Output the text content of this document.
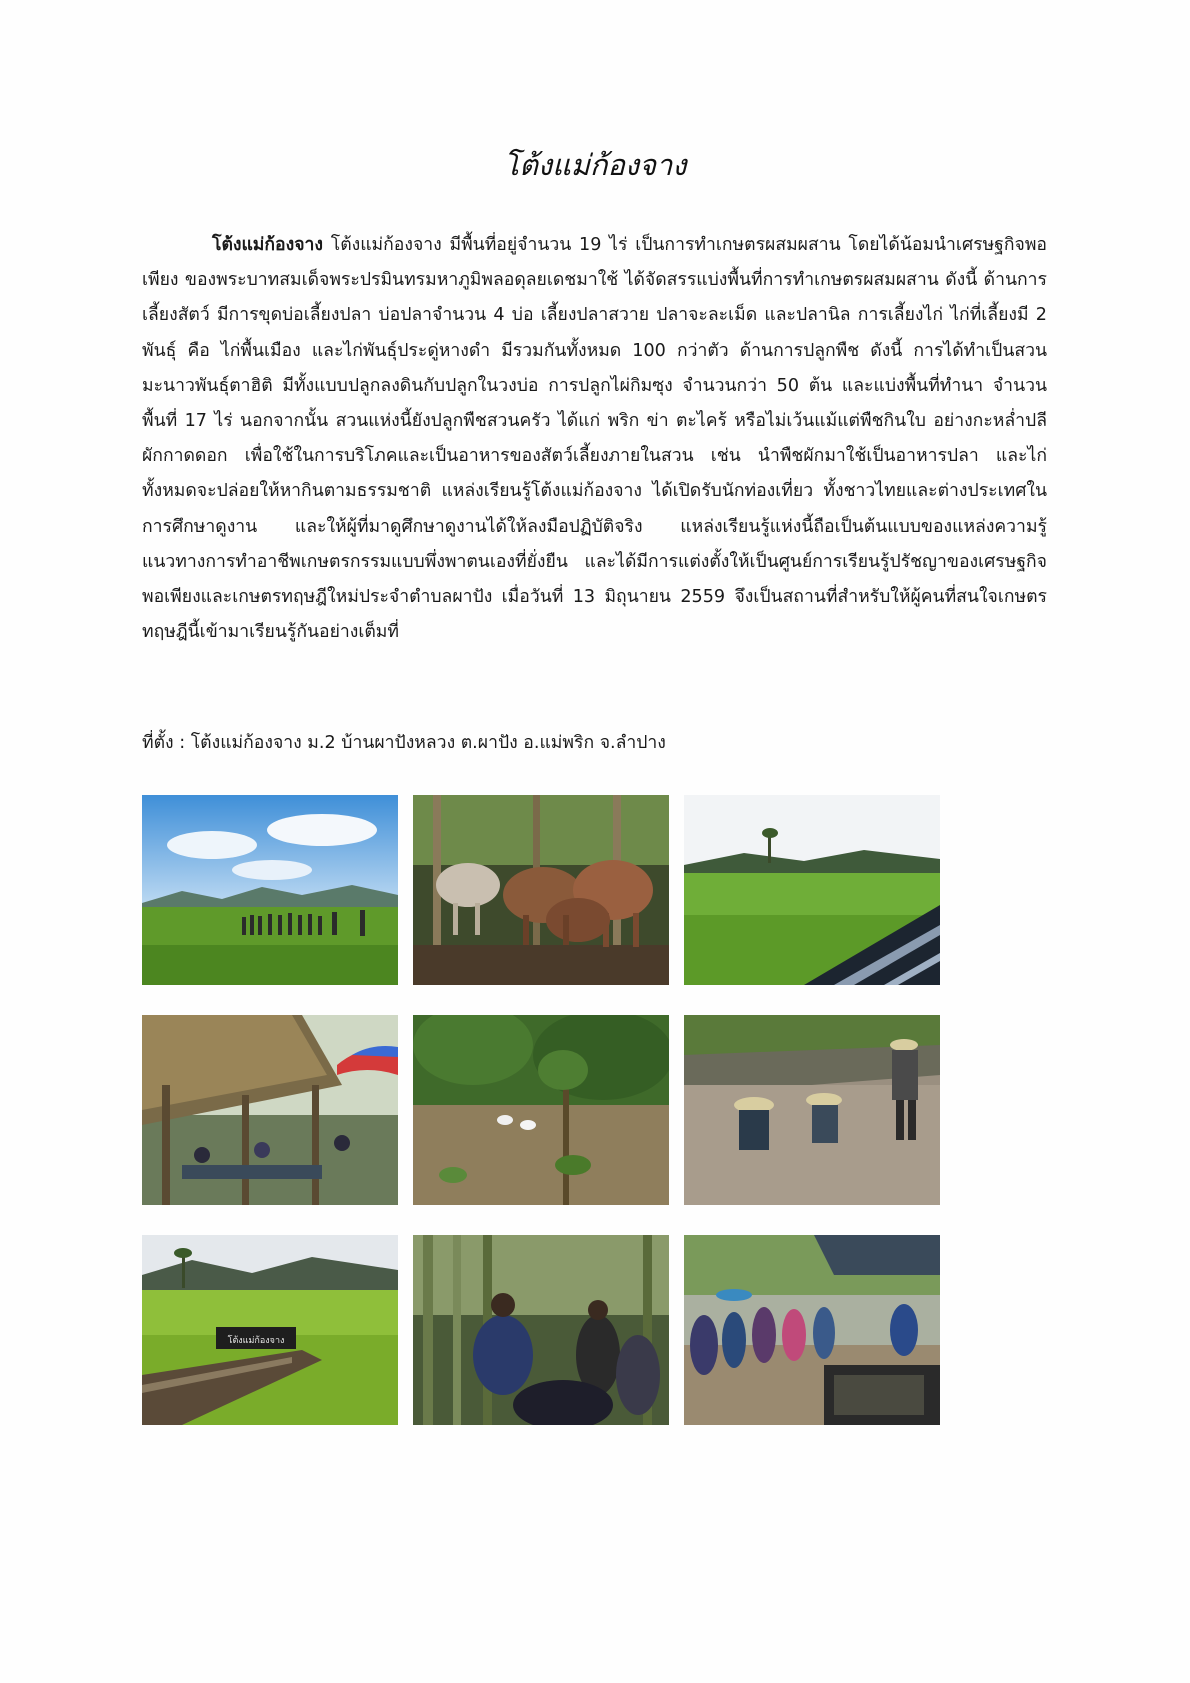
โต้งแม่ก้องจาง

โต้งแม่ก้องจาง โต้งแม่ก้องจาง มีพื้นที่อยู่จำนวน 19 ไร่ เป็นการทำเกษตรผสมผสาน โดยได้น้อมนำเศรษฐกิจพอเพียง ของพระบาทสมเด็จพระปรมินทรมหาภูมิพลอดุลยเดชมาใช้ ได้จัดสรรแบ่งพื้นที่การทำเกษตรผสมผสาน ดังนี้ ด้านการเลี้ยงสัตว์ มีการขุดบ่อเลี้ยงปลา บ่อปลาจำนวน 4 บ่อ เลี้ยงปลาสวาย ปลาจะละเม็ด และปลานิล การเลี้ยงไก่ ไก่ที่เลี้ยงมี 2 พันธุ์ คือ ไก่พื้นเมือง และไก่พันธุ์ประดู่หางดำ มีรวมกันทั้งหมด 100 กว่าตัว ด้านการปลูกพืช ดังนี้ การได้ทำเป็นสวนมะนาวพันธุ์ตาฮิติ มีทั้งแบบปลูกลงดินกับปลูกในวงบ่อ การปลูกไผ่กิมซุง จำนวนกว่า 50 ต้น และแบ่งพื้นที่ทำนา จำนวนพื้นที่ 17 ไร่ นอกจากนั้น สวนแห่งนี้ยังปลูกพืชสวนครัว ได้แก่ พริก ข่า ตะไคร้ หรือไม่เว้นแม้แต่พืชกินใบ อย่างกะหล่ำปลี ผักกาดดอก เพื่อใช้ในการบริโภคและเป็นอาหารของสัตว์เลี้ยงภายในสวน เช่น นำพืชผักมาใช้เป็นอาหารปลา และไก่ทั้งหมดจะปล่อยให้หากินตามธรรมชาติ แหล่งเรียนรู้โต้งแม่ก้องจาง ได้เปิดรับนักท่องเที่ยว ทั้งชาวไทยและต่างประเทศในการศึกษาดูงาน และให้ผู้ที่มาดูศึกษาดูงานได้ให้ลงมือปฏิบัติจริง แหล่งเรียนรู้แห่งนี้ถือเป็นต้นแบบของแหล่งความรู้ แนวทางการทำอาชีพเกษตรกรรมแบบพึ่งพาตนเองที่ยั่งยืน และได้มีการแต่งตั้งให้เป็นศูนย์การเรียนรู้ปรัชญาของเศรษฐกิจพอเพียงและเกษตรทฤษฎีใหม่ประจำตำบลผาปัง เมื่อวันที่ 13 มิถุนายน 2559 จึงเป็นสถานที่สำหรับให้ผู้คนที่สนใจเกษตรทฤษฎีนี้เข้ามาเรียนรู้กันอย่างเต็มที่

ที่ตั้ง : โต้งแม่ก้องจาง ม.2 บ้านผาปังหลวง ต.ผาปัง อ.แม่พริก จ.ลำปาง

โต้งแม่ก้องจาง
